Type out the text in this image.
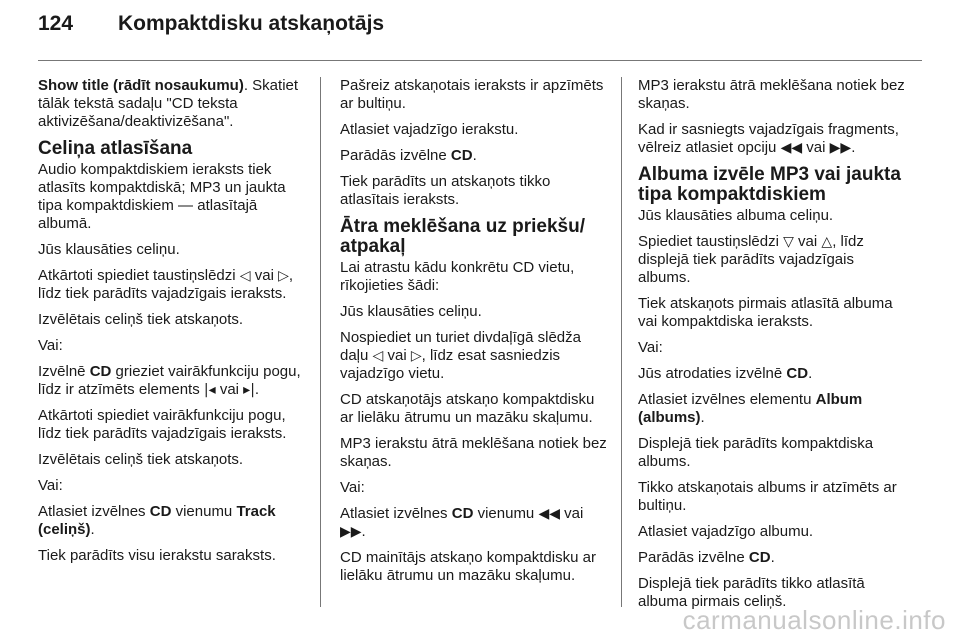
124	Kompaktdisku atskaņotājs

Show title (rādīt nosaukumu). Skatiet tālāk tekstā sadaļu "CD teksta aktivizēšana/deaktivizēšana".

Celiņa atlasīšana

Audio kompaktdiskiem ieraksts tiek atlasīts kompaktdiskā; MP3 un jaukta tipa kompaktdiskiem — atlasītajā albumā.

Jūs klausāties celiņu.

Atkārtoti spiediet taustiņslēdzi ◁ vai ▷, līdz tiek parādīts vajadzīgais ieraksts.

Izvēlētais celiņš tiek atskaņots.

Vai:

Izvēlnē CD grieziet vairākfunkciju pogu, līdz ir atzīmēts elements |◂ vai ▸|.

Atkārtoti spiediet vairākfunkciju pogu, līdz tiek parādīts vajadzīgais ieraksts.

Izvēlētais celiņš tiek atskaņots.

Vai:

Atlasiet izvēlnes CD vienumu Track (celiņš).

Tiek parādīts visu ierakstu saraksts.

Pašreiz atskaņotais ieraksts ir apzīmēts ar bultiņu.

Atlasiet vajadzīgo ierakstu.

Parādās izvēlne CD.

Tiek parādīts un atskaņots tikko atlasītais ieraksts.

Ātra meklēšana uz priekšu/ atpakaļ

Lai atrastu kādu konkrētu CD vietu, rīkojieties šādi:

Jūs klausāties celiņu.

Nospiediet un turiet divdaļīgā slēdža daļu ◁ vai ▷, līdz esat sasniedzis vajadzīgo vietu.

CD atskaņotājs atskaņo kompaktdisku ar lielāku ātrumu un mazāku skaļumu.

MP3 ierakstu ātrā meklēšana notiek bez skaņas.

Vai:

Atlasiet izvēlnes CD vienumu ◀◀ vai ▶▶.

CD mainītājs atskaņo kompaktdisku ar lielāku ātrumu un mazāku skaļumu.

MP3 ierakstu ātrā meklēšana notiek bez skaņas.

Kad ir sasniegts vajadzīgais fragments, vēlreiz atlasiet opciju ◀◀ vai ▶▶.

Albuma izvēle MP3 vai jaukta tipa kompaktdiskiem

Jūs klausāties albuma celiņu.

Spiediet taustiņslēdzi ▽ vai △, līdz displejā tiek parādīts vajadzīgais albums.

Tiek atskaņots pirmais atlasītā albuma vai kompaktdiska ieraksts.

Vai:

Jūs atrodaties izvēlnē CD.

Atlasiet izvēlnes elementu Album (albums).

Displejā tiek parādīts kompaktdiska albums.

Tikko atskaņotais albums ir atzīmēts ar bultiņu.

Atlasiet vajadzīgo albumu.

Parādās izvēlne CD.

Displejā tiek parādīts tikko atlasītā albuma pirmais celiņš.

carmanualsonline.info
